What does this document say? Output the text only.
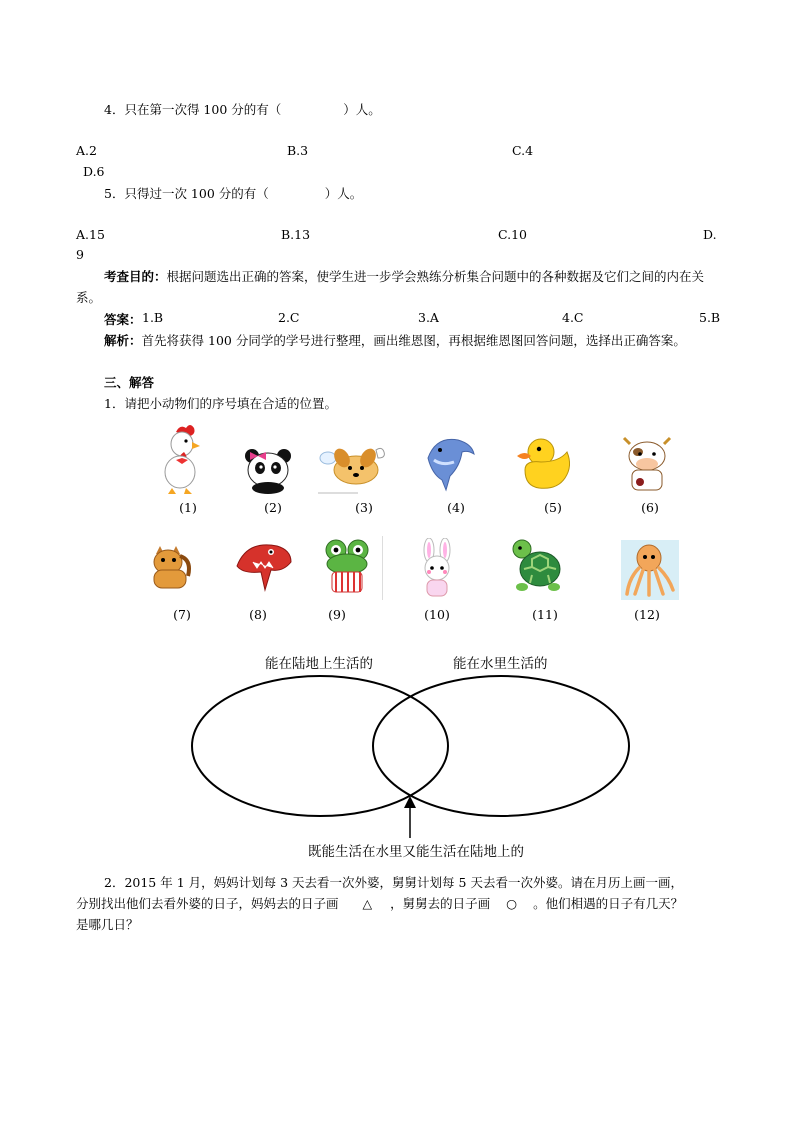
4．只在第一次得 100 分的有（	）人。
A.2	B.3	C.4
D.6
5．只得过一次 100 分的有（	）人。
A.15	B.13	C.10	D.
9
考查目的：根据问题选出正确的答案，使学生进一步学会熟练分析集合问题中的各种数据及它们之间的内在关系。
答案： 1.B	2.C	3.A	4.C	5.B
解析：首先将获得 100 分同学的学号进行整理，画出维恩图，再根据维恩图回答问题，选择出正确答案。
三、解答
1．请把小动物们的序号填在合适的位置。
(1)	(2)	(3)	(4)	(5)	(6)
(7)	(8)	(9)	(10)	(11)	(12)
能在陆地上生活的	能在水里生活的
既能生活在水里又能生活在陆地上的
2．2015 年 1 月，妈妈计划每 3 天去看一次外婆，舅舅计划每 5 天去看一次外婆。请在月历上画一画，
分别找出他们去看外婆的日子，妈妈去的日子画 △ ，舅舅去的日子画 ○ 。他们相遇的日子有几天？
是哪几日？
